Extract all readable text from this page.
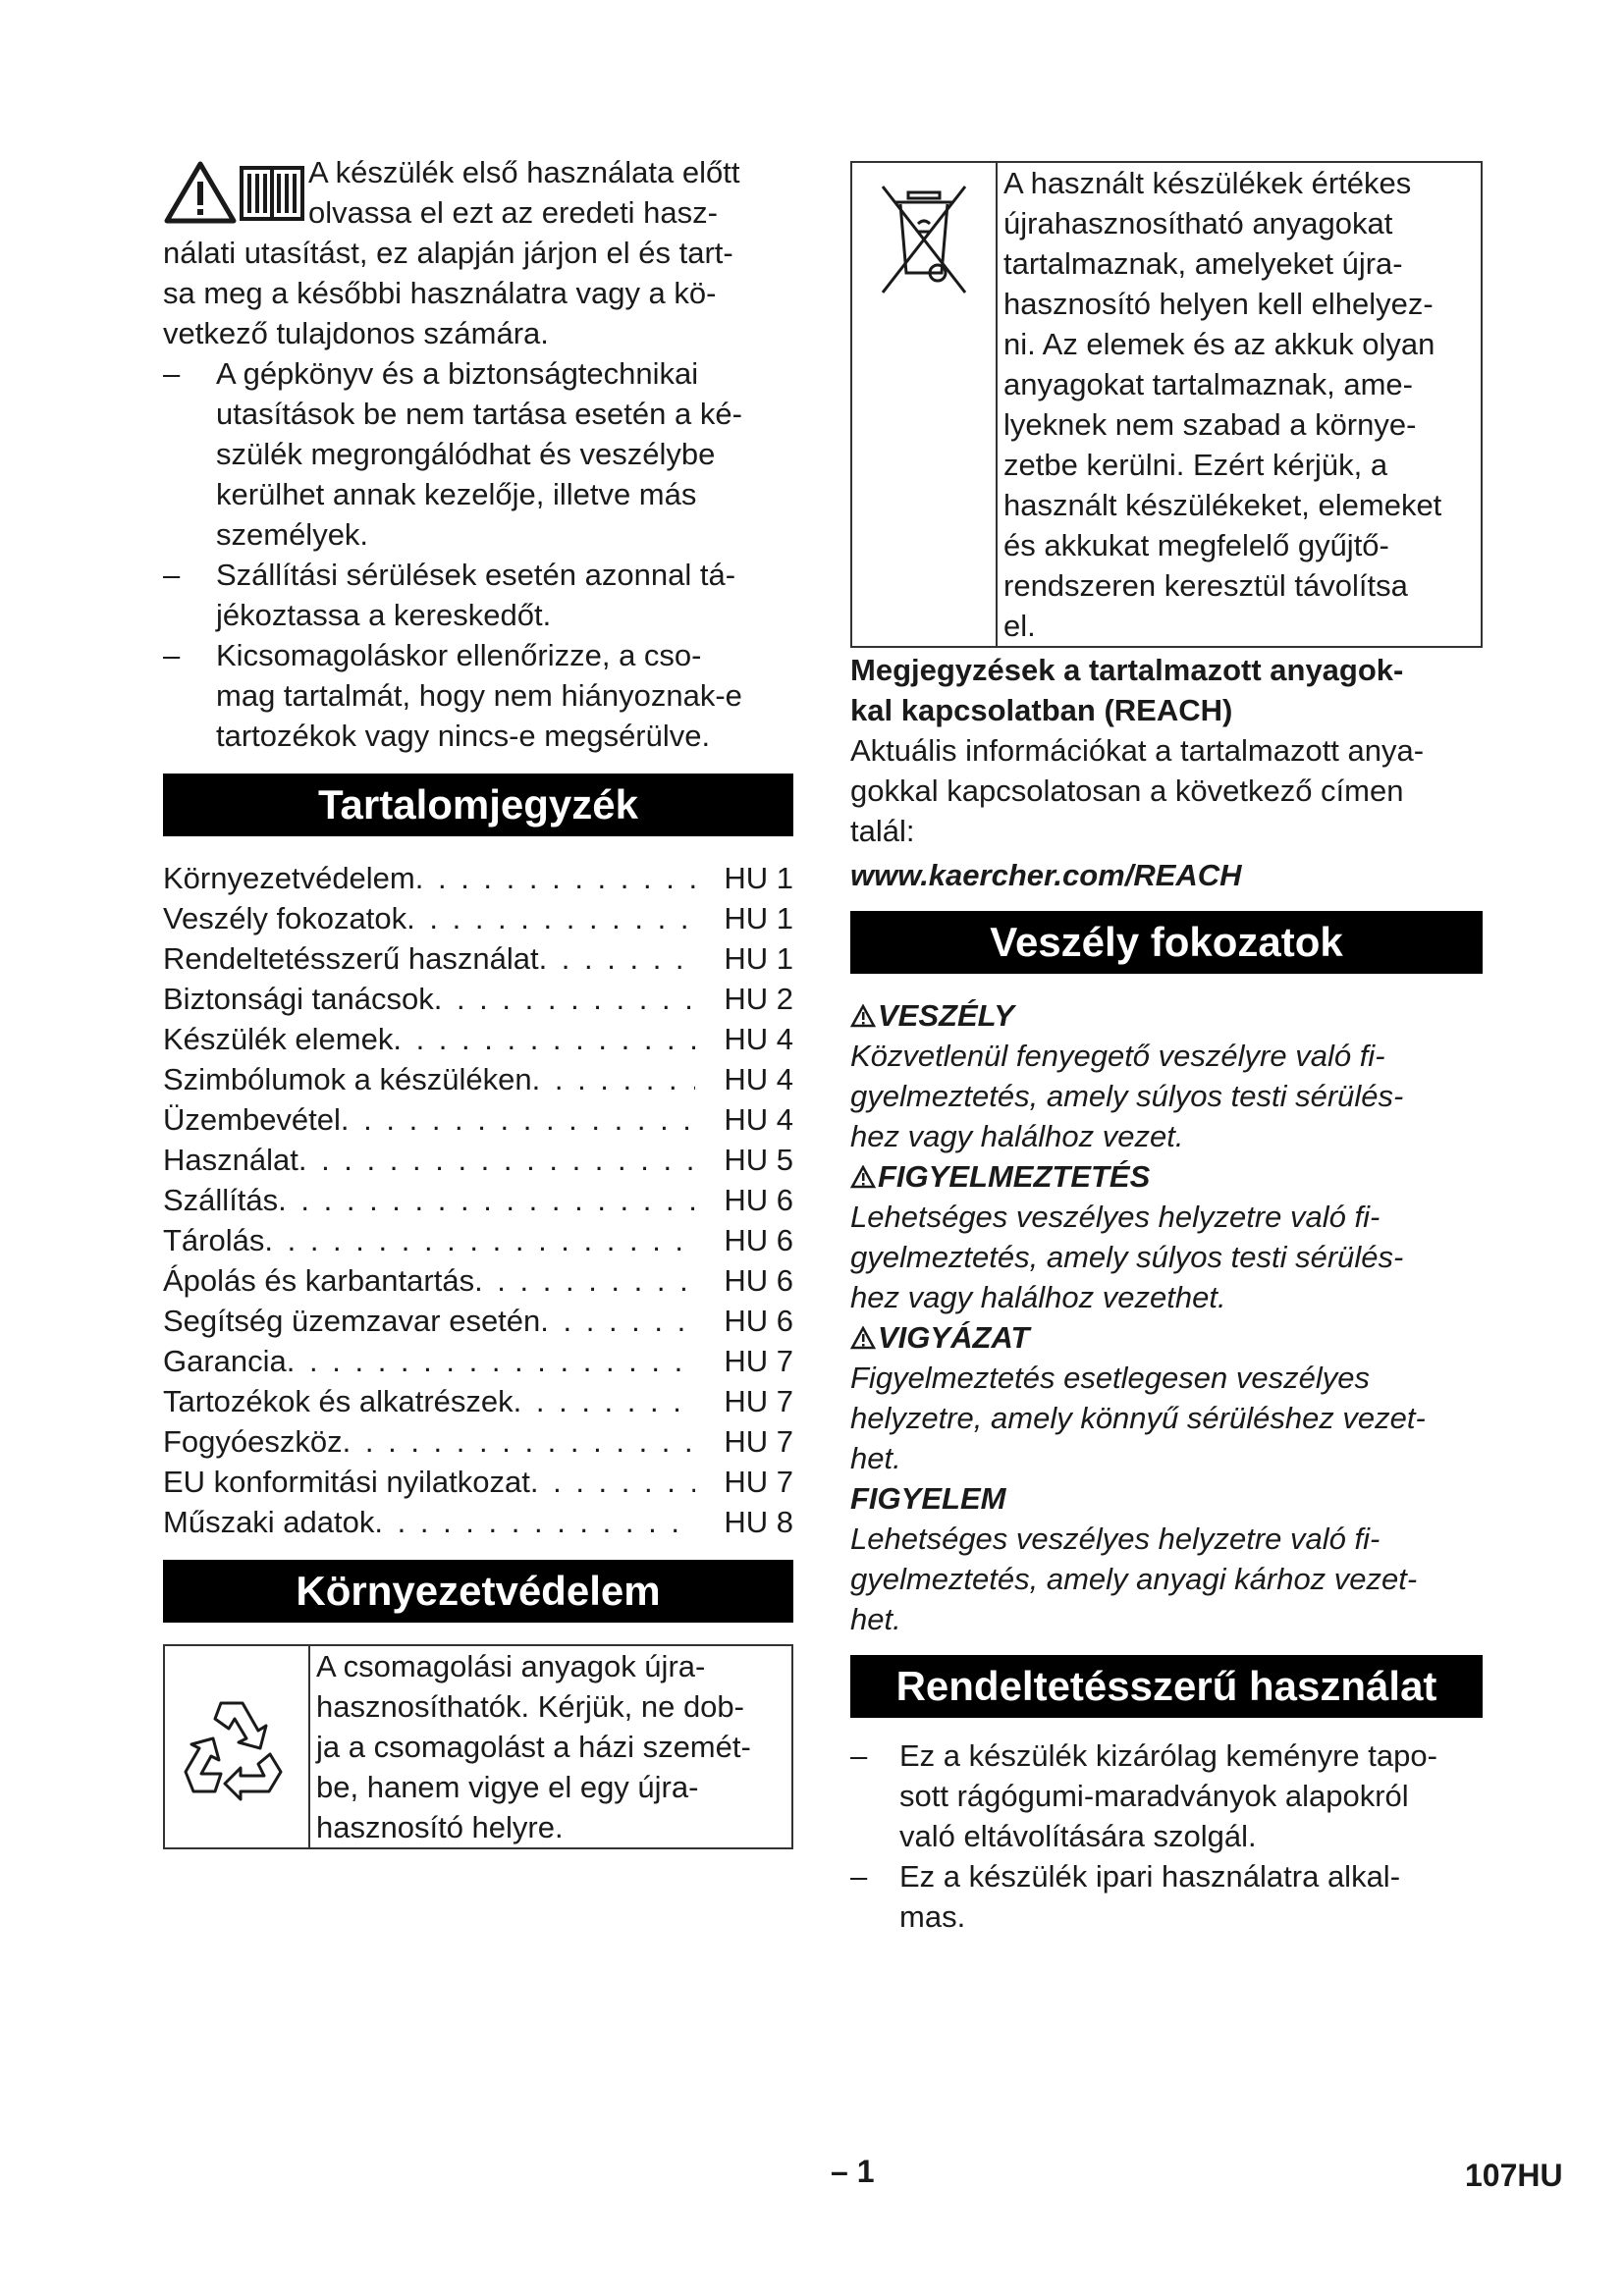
A készülék első használata előtt
olvassa el ezt az eredeti hasz-
nálati utasítást, ez alapján járjon el és tart-
sa meg a későbbi használatra vagy a kö-
vetkező tulajdonos számára.

– A gépkönyv és a biztonságtechnikai
utasítások be nem tartása esetén a ké-
szülék megrongálódhat és veszélybe
kerülhet annak kezelője, illetve más
személyek.
– Szállítási sérülések esetén azonnal tá-
jékoztassa a kereskedőt.
– Kicsomagoláskor ellenőrizze, a cso-
mag tartalmát, hogy nem hiányoznak-e
tartozékok vagy nincs-e megsérülve.
Tartalomjegyzék
Környezetvédelem . . .	HU 1
Veszély fokozatok . . .	HU 1
Rendeltetésszerű használat . . .	HU 1
Biztonsági tanácsok . . .	HU 2
Készülék elemek . . .	HU 4
Szimbólumok a készüléken . . .	HU 4
Üzembevétel . . .	HU 4
Használat . . .	HU 5
Szállítás . . .	HU 6
Tárolás . . .	HU 6
Ápolás és karbantartás . . .	HU 6
Segítség üzemzavar esetén . . .	HU 6
Garancia . . .	HU 7
Tartozékok és alkatrészek . . .	HU 7
Fogyóeszköz . . .	HU 7
EU konformitási nyilatkozat . . .	HU 7
Műszaki adatok . . .	HU 8
Környezetvédelem
A csomagolási anyagok újra-
hasznosíthatók. Kérjük, ne dob-
ja a csomagolást a házi szemét-
be, hanem vigye el egy újra-
hasznosító helyre.
A használt készülékek értékes
újrahasznosítható anyagokat
tartalmaznak, amelyeket újra-
hasznosító helyen kell elhelyez-
ni. Az elemek és az akkuk olyan
anyagokat tartalmaznak, ame-
lyeknek nem szabad a környe-
zetbe kerülni. Ezért kérjük, a
használt készülékeket, elemeket
és akkukat megfelelő gyűjtő-
rendszeren keresztül távolítsa
el.

Megjegyzések a tartalmazott anyagok-
kal kapcsolatban (REACH)

Aktuális információkat a tartalmazott anya-
gokkal kapcsolatosan a következő címen
talál:

www.kaercher.com/REACH

Veszély fokozatok
VESZÉLY

Közvetlenül fenyegető veszélyre való fi-
gyelmeztetés, amely súlyos testi sérülés-
hez vagy halálhoz vezet.

FIGYELMEZTETÉS

Lehetséges veszélyes helyzetre való fi-
gyelmeztetés, amely súlyos testi sérülés-
hez vagy halálhoz vezethet.

VIGYÁZAT

Figyelmeztetés esetlegesen veszélyes
helyzetre, amely könnyű sérüléshez vezet-
het.

FIGYELEM

Lehetséges veszélyes helyzetre való fi-
gyelmeztetés, amely anyagi kárhoz vezet-
het.

Rendeltetésszerű használat
– Ez a készülék kizárólag keményre tapo-
sott rágógumi-maradványok alapokról
való eltávolítására szolgál.
– Ez a készülék ipari használatra alkal-
mas.
– 1	107HU
